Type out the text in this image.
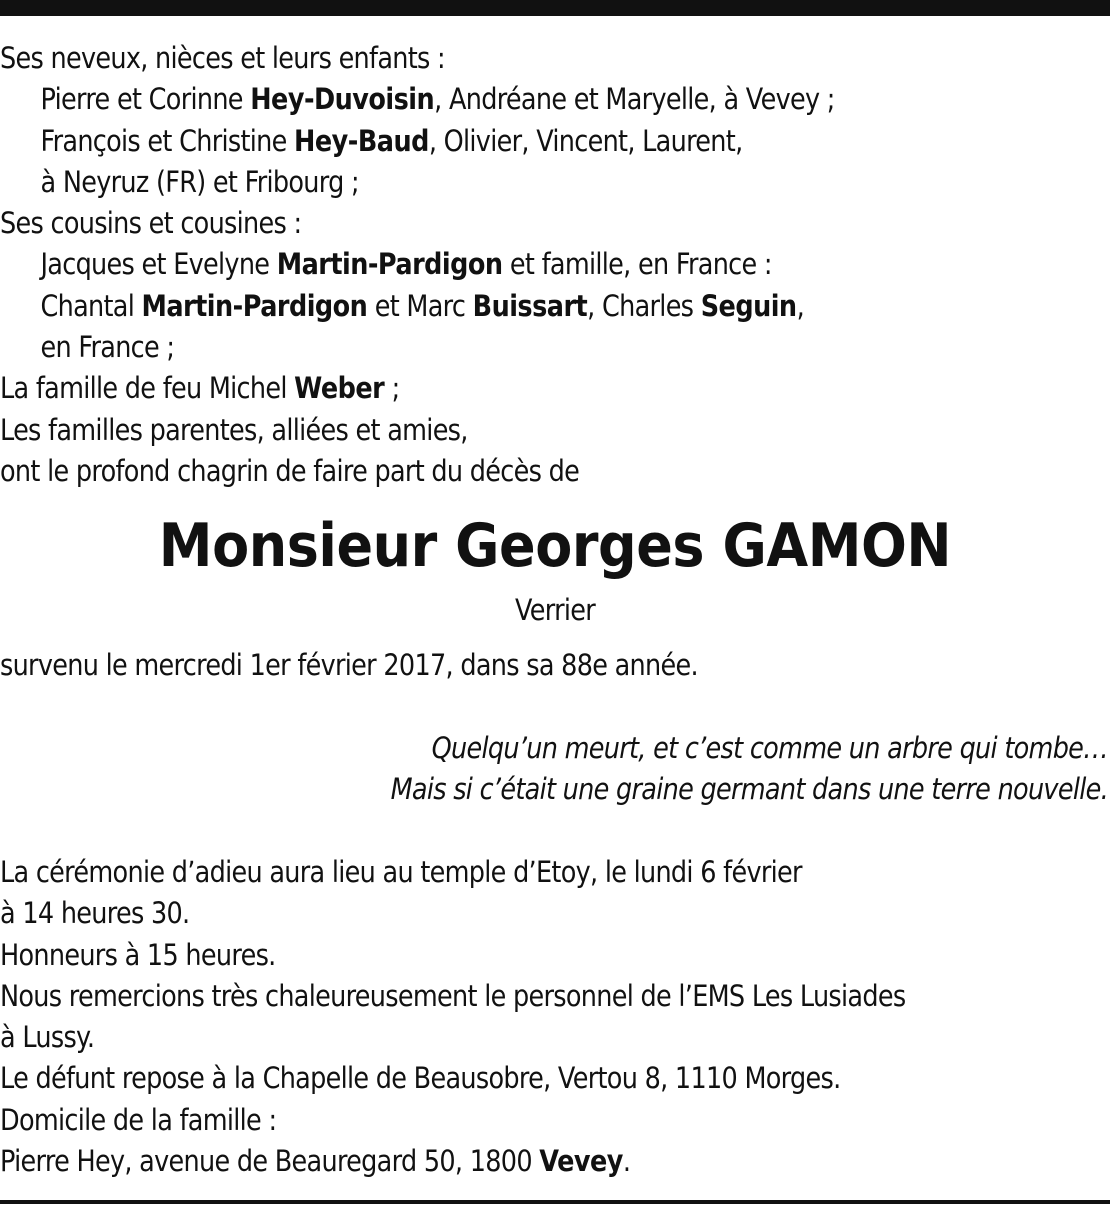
Ses neveux, nièces et leurs enfants :
Pierre et Corinne Hey-Duvoisin, Andréane et Maryelle, à Vevey ;
François et Christine Hey-Baud, Olivier, Vincent, Laurent,
à Neyruz (FR) et Fribourg ;
Ses cousins et cousines :
Jacques et Evelyne Martin-Pardigon et famille, en France :
Chantal Martin-Pardigon et Marc Buissart, Charles Seguin,
en France ;
La famille de feu Michel Weber ;
Les familles parentes, alliées et amies,
ont le profond chagrin de faire part du décès de
Monsieur Georges GAMON
Verrier
survenu le mercredi 1er février 2017, dans sa 88e année.
Quelqu’un meurt, et c’est comme un arbre qui tombe…
Mais si c’était une graine germant dans une terre nouvelle.
La cérémonie d’adieu aura lieu au temple d’Etoy, le lundi 6 février
à 14 heures 30.
Honneurs à 15 heures.
Nous remercions très chaleureusement le personnel de l’EMS Les Lusiades
à Lussy.
Le défunt repose à la Chapelle de Beausobre, Vertou 8, 1110 Morges.
Domicile de la famille :
Pierre Hey, avenue de Beauregard 50, 1800 Vevey.
